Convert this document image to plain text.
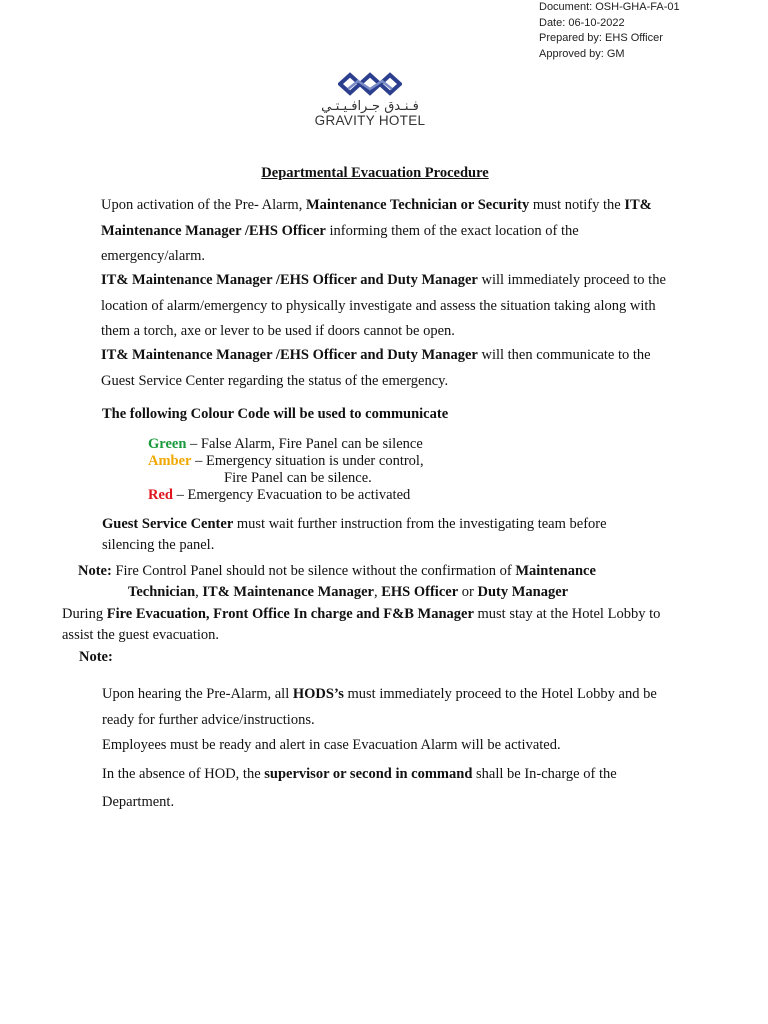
Document: OSH-GHA-FA-01
Date: 06-10-2022
Prepared by: EHS Officer
Approved by: GM
فـنـدق جـرافـيـتـي
GRAVITY HOTEL
Departmental Evacuation Procedure
Upon activation of the Pre- Alarm, Maintenance Technician or Security must notify the IT& Maintenance Manager /EHS Officer informing them of the exact location of the emergency/alarm.
IT& Maintenance Manager /EHS Officer and Duty Manager will immediately proceed to the location of alarm/emergency to physically investigate and assess the situation taking along with them a torch, axe or lever to be used if doors cannot be open.
IT& Maintenance Manager /EHS Officer and Duty Manager will then communicate to the Guest Service Center regarding the status of the emergency.
The following Colour Code will be used to communicate
Green – False Alarm, Fire Panel can be silence
Amber – Emergency situation is under control,
Fire Panel can be silence.
Red – Emergency Evacuation to be activated
Guest Service Center must wait further instruction from the investigating team before silencing the panel.
Note: Fire Control Panel should not be silence without the confirmation of Maintenance
Technician, IT& Maintenance Manager, EHS Officer or Duty Manager
During Fire Evacuation, Front Office In charge and F&B Manager must stay at the Hotel Lobby to assist the guest evacuation.
Note:
Upon hearing the Pre-Alarm, all HODS’s must immediately proceed to the Hotel Lobby and be ready for further advice/instructions.
Employees must be ready and alert in case Evacuation Alarm will be activated.
In the absence of HOD, the supervisor or second in command shall be In-charge of the Department.
